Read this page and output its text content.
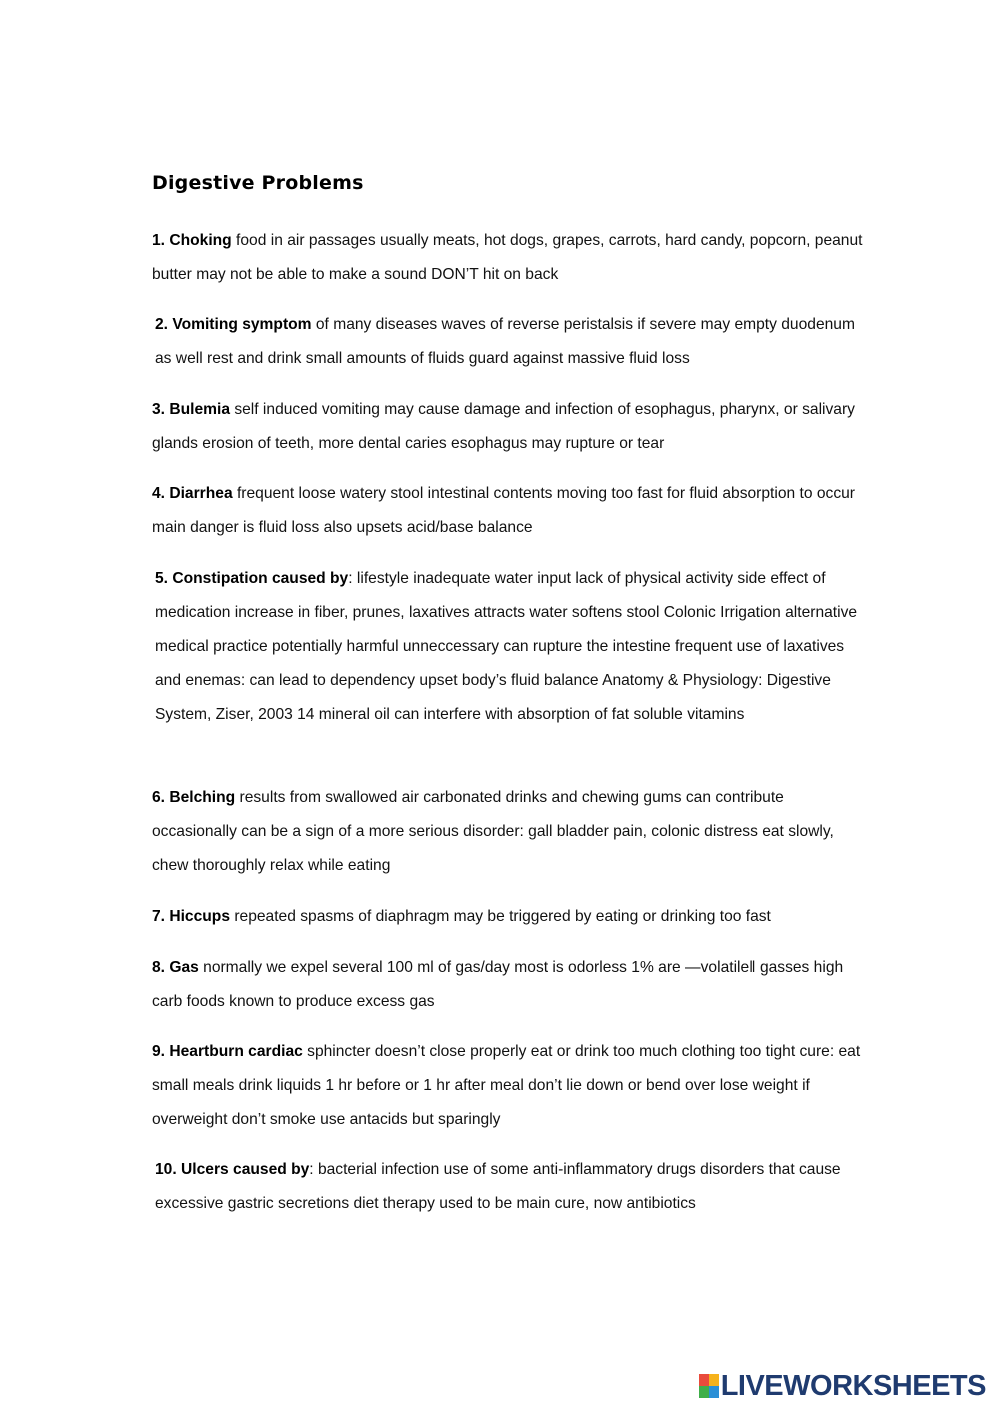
Digestive Problems

1. Choking food in air passages usually meats, hot dogs, grapes, carrots, hard candy, popcorn, peanut butter may not be able to make a sound DON’T hit on back

2. Vomiting symptom of many diseases waves of reverse peristalsis if severe may empty duodenum as well rest and drink small amounts of fluids guard against massive fluid loss

3. Bulemia self induced vomiting may cause damage and infection of esophagus, pharynx, or salivary glands erosion of teeth, more dental caries esophagus may rupture or tear

4. Diarrhea frequent loose watery stool intestinal contents moving too fast for fluid absorption to occur main danger is fluid loss also upsets acid/base balance

5. Constipation caused by: lifestyle inadequate water input lack of physical activity side effect of medication increase in fiber, prunes, laxatives attracts water softens stool Colonic Irrigation alternative medical practice potentially harmful unneccessary can rupture the intestine frequent use of laxatives and enemas: can lead to dependency upset body’s fluid balance Anatomy & Physiology: Digestive System, Ziser, 2003 14 mineral oil can interfere with absorption of fat soluble vitamins

6. Belching results from swallowed air carbonated drinks and chewing gums can contribute occasionally can be a sign of a more serious disorder: gall bladder pain, colonic distress eat slowly, chew thoroughly relax while eating

7. Hiccups repeated spasms of diaphragm may be triggered by eating or drinking too fast

8. Gas normally we expel several 100 ml of gas/day most is odorless 1% are ―volatile‖ gasses high carb foods known to produce excess gas

9. Heartburn cardiac sphincter doesn’t close properly eat or drink too much clothing too tight cure: eat small meals drink liquids 1 hr before or 1 hr after meal don’t lie down or bend over lose weight if overweight don’t smoke use antacids but sparingly

10. Ulcers caused by: bacterial infection use of some anti-inflammatory drugs disorders that cause excessive gastric secretions diet therapy used to be main cure, now antibiotics

LIVEWORKSHEETS
